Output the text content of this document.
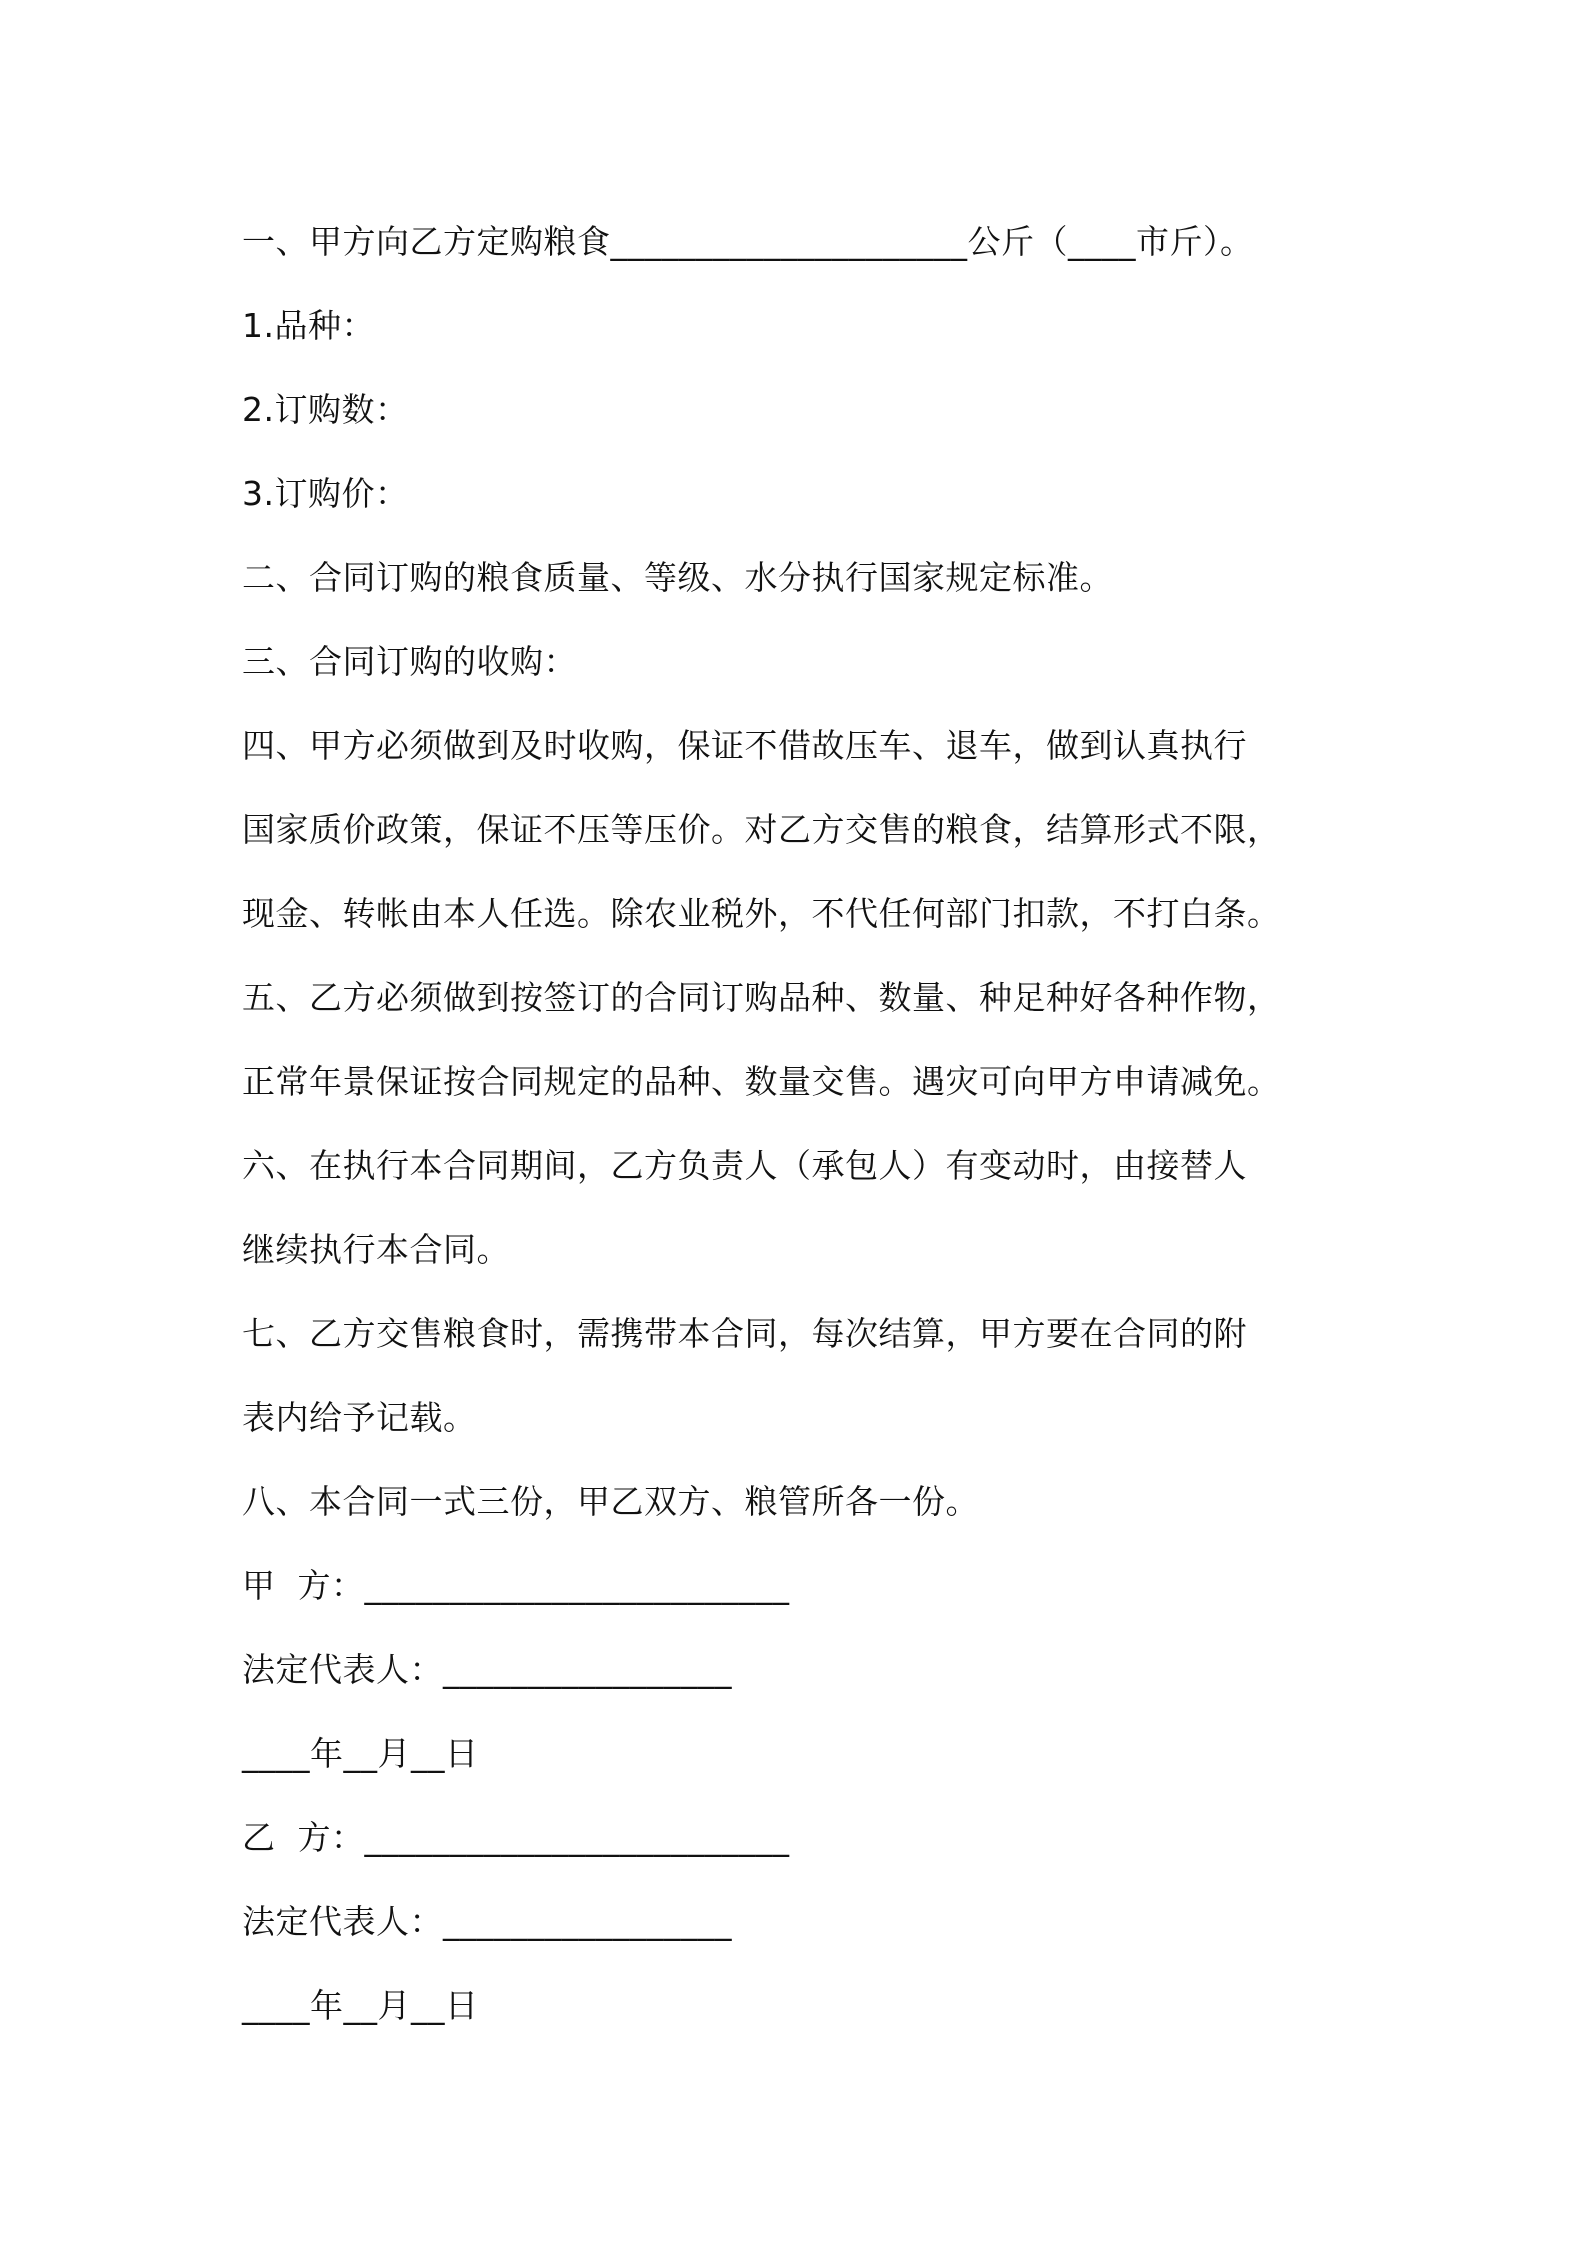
一、甲方向乙方定购粮食_____________________公斤（____市斤）。
1.品种：
2.订购数：
3.订购价：
二、合同订购的粮食质量、等级、水分执行国家规定标准。
三、合同订购的收购：
四、甲方必须做到及时收购，保证不借故压车、退车，做到认真执行
国家质价政策，保证不压等压价。对乙方交售的粮食，结算形式不限，
现金、转帐由本人任选。除农业税外，不代任何部门扣款，不打白条。
五、乙方必须做到按签订的合同订购品种、数量、种足种好各种作物，
正常年景保证按合同规定的品种、数量交售。遇灾可向甲方申请减免。
六、在执行本合同期间，乙方负责人（承包人）有变动时，由接替人
继续执行本合同。
七、乙方交售粮食时，需携带本合同，每次结算，甲方要在合同的附
表内给予记载。
八、本合同一式三份，甲乙双方、粮管所各一份。
甲  方：_________________________
法定代表人：_________________
____年__月__日
乙  方：_________________________
法定代表人：_________________
____年__月__日
